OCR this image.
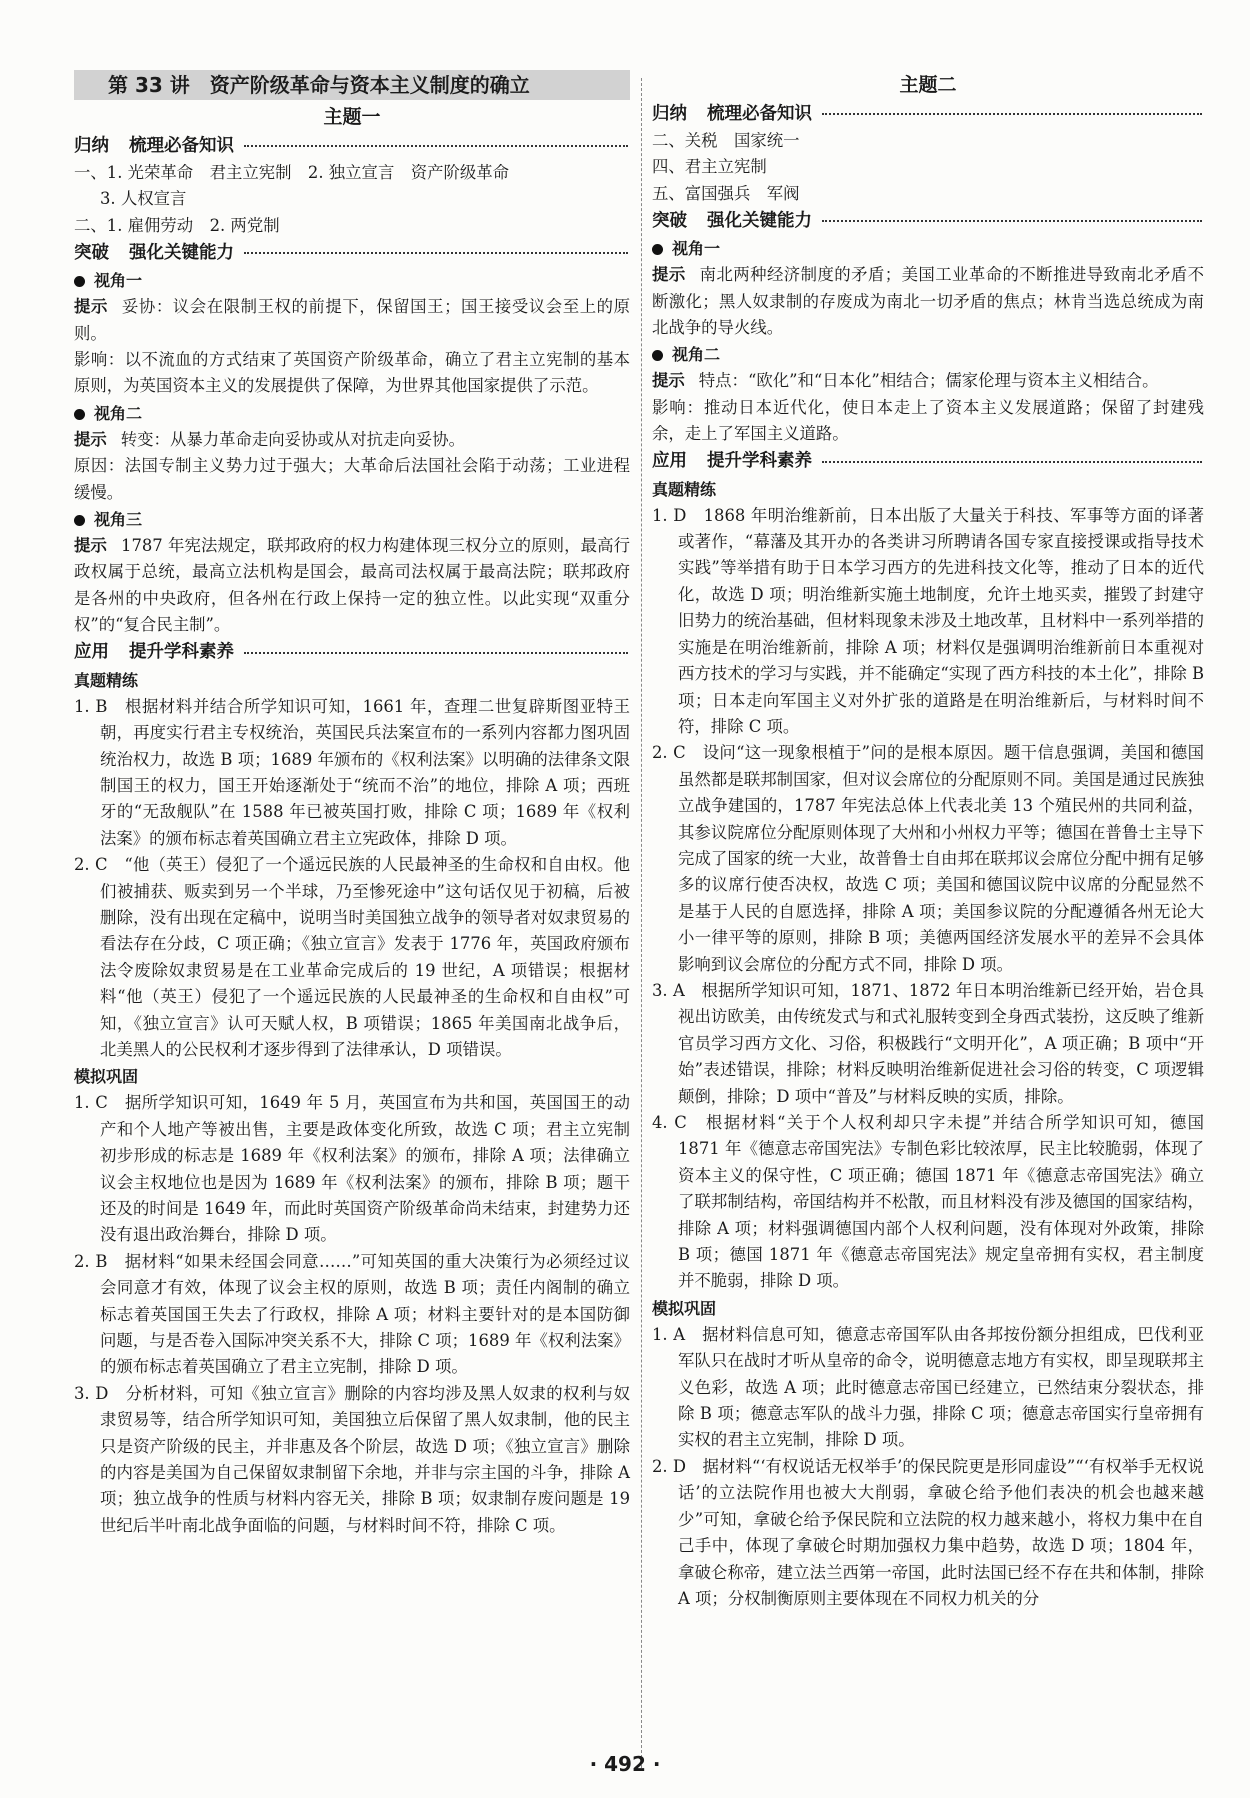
第 33 讲　资产阶级革命与资本主义制度的确立
主题一
归纳 梳理必备知识

一、1. 光荣革命　君主立宪制　2. 独立宣言　资产阶级革命

3. 人权宣言

二、1. 雇佣劳动　2. 两党制

突破 强化关键能力
视角一

提示 妥协：议会在限制王权的前提下，保留国王；国王接受议会至上的原则。

影响：以不流血的方式结束了英国资产阶级革命，确立了君主立宪制的基本原则，为英国资本主义的发展提供了保障，为世界其他国家提供了示范。

视角二

提示 转变：从暴力革命走向妥协或从对抗走向妥协。

原因：法国专制主义势力过于强大；大革命后法国社会陷于动荡；工业进程缓慢。

视角三

提示 1787 年宪法规定，联邦政府的权力构建体现三权分立的原则，最高行政权属于总统，最高立法机构是国会，最高司法权属于最高法院；联邦政府是各州的中央政府，但各州在行政上保持一定的独立性。以此实现“双重分权”的“复合民主制”。

应用 提升学科素养
真题精练

1. B　根据材料并结合所学知识可知，1661 年，查理二世复辟斯图亚特王朝，再度实行君主专权统治，英国民兵法案宣布的一系列内容都力图巩固统治权力，故选 B 项；1689 年颁布的《权利法案》以明确的法律条文限制国王的权力，国王开始逐渐处于“统而不治”的地位，排除 A 项；西班牙的“无敌舰队”在 1588 年已被英国打败，排除 C 项；1689 年《权利法案》的颁布标志着英国确立君主立宪政体，排除 D 项。

2. C　“他（英王）侵犯了一个遥远民族的人民最神圣的生命权和自由权。他们被捕获、贩卖到另一个半球，乃至惨死途中”这句话仅见于初稿，后被删除，没有出现在定稿中，说明当时美国独立战争的领导者对奴隶贸易的看法存在分歧，C 项正确；《独立宣言》发表于 1776 年，英国政府颁布法令废除奴隶贸易是在工业革命完成后的 19 世纪，A 项错误；根据材料“他（英王）侵犯了一个遥远民族的人民最神圣的生命权和自由权”可知，《独立宣言》认可天赋人权，B 项错误；1865 年美国南北战争后，北美黑人的公民权利才逐步得到了法律承认，D 项错误。

模拟巩固

1. C　据所学知识可知，1649 年 5 月，英国宣布为共和国，英国国王的动产和个人地产等被出售，主要是政体变化所致，故选 C 项；君主立宪制初步形成的标志是 1689 年《权利法案》的颁布，排除 A 项；法律确立议会主权地位也是因为 1689 年《权利法案》的颁布，排除 B 项；题干还及的时间是 1649 年，而此时英国资产阶级革命尚未结束，封建势力还没有退出政治舞台，排除 D 项。

2. B　据材料“如果未经国会同意……”可知英国的重大决策行为必须经过议会同意才有效，体现了议会主权的原则，故选 B 项；责任内阁制的确立标志着英国国王失去了行政权，排除 A 项；材料主要针对的是本国防御问题，与是否卷入国际冲突关系不大，排除 C 项；1689 年《权利法案》的颁布标志着英国确立了君主立宪制，排除 D 项。

3. D　分析材料，可知《独立宣言》删除的内容均涉及黑人奴隶的权利与奴隶贸易等，结合所学知识可知，美国独立后保留了黑人奴隶制，他的民主只是资产阶级的民主，并非惠及各个阶层，故选 D 项；《独立宣言》删除的内容是美国为自己保留奴隶制留下余地，并非与宗主国的斗争，排除 A 项；独立战争的性质与材料内容无关，排除 B 项；奴隶制存废问题是 19 世纪后半叶南北战争面临的问题，与材料时间不符，排除 C 项。

主题二
归纳 梳理必备知识

二、关税　国家统一

四、君主立宪制

五、富国强兵　军阀

突破 强化关键能力
视角一

提示 南北两种经济制度的矛盾；美国工业革命的不断推进导致南北矛盾不断激化；黑人奴隶制的存废成为南北一切矛盾的焦点；林肯当选总统成为南北战争的导火线。

视角二

提示 特点：“欧化”和“日本化”相结合；儒家伦理与资本主义相结合。

影响：推动日本近代化，使日本走上了资本主义发展道路；保留了封建残余，走上了军国主义道路。

应用 提升学科素养
真题精练

1. D　1868 年明治维新前，日本出版了大量关于科技、军事等方面的译著或著作，“幕藩及其开办的各类讲习所聘请各国专家直接授课或指导技术实践”等举措有助于日本学习西方的先进科技文化等，推动了日本的近代化，故选 D 项；明治维新实施土地制度，允许土地买卖，摧毁了封建守旧势力的统治基础，但材料现象未涉及土地改革，且材料中一系列举措的实施是在明治维新前，排除 A 项；材料仅是强调明治维新前日本重视对西方技术的学习与实践，并不能确定“实现了西方科技的本土化”，排除 B 项；日本走向军国主义对外扩张的道路是在明治维新后，与材料时间不符，排除 C 项。

2. C　设问“这一现象根植于”问的是根本原因。题干信息强调，美国和德国虽然都是联邦制国家，但对议会席位的分配原则不同。美国是通过民族独立战争建国的，1787 年宪法总体上代表北美 13 个殖民州的共同利益，其参议院席位分配原则体现了大州和小州权力平等；德国在普鲁士主导下完成了国家的统一大业，故普鲁士自由邦在联邦议会席位分配中拥有足够多的议席行使否决权，故选 C 项；美国和德国议院中议席的分配显然不是基于人民的自愿选择，排除 A 项；美国参议院的分配遵循各州无论大小一律平等的原则，排除 B 项；美德两国经济发展水平的差异不会具体影响到议会席位的分配方式不同，排除 D 项。

3. A　根据所学知识可知，1871、1872 年日本明治维新已经开始，岩仓具视出访欧美，由传统发式与和式礼服转变到全身西式装扮，这反映了维新官员学习西方文化、习俗，积极践行“文明开化”，A 项正确；B 项中“开始”表述错误，排除；材料反映明治维新促进社会习俗的转变，C 项逻辑颠倒，排除；D 项中“普及”与材料反映的实质，排除。

4. C　根据材料“关于个人权利却只字未提”并结合所学知识可知，德国 1871 年《德意志帝国宪法》专制色彩比较浓厚，民主比较脆弱，体现了资本主义的保守性，C 项正确；德国 1871 年《德意志帝国宪法》确立了联邦制结构，帝国结构并不松散，而且材料没有涉及德国的国家结构，排除 A 项；材料强调德国内部个人权利问题，没有体现对外政策，排除 B 项；德国 1871 年《德意志帝国宪法》规定皇帝拥有实权，君主制度并不脆弱，排除 D 项。

模拟巩固

1. A　据材料信息可知，德意志帝国军队由各邦按份额分担组成，巴伐利亚军队只在战时才听从皇帝的命令，说明德意志地方有实权，即呈现联邦主义色彩，故选 A 项；此时德意志帝国已经建立，已然结束分裂状态，排除 B 项；德意志军队的战斗力强，排除 C 项；德意志帝国实行皇帝拥有实权的君主立宪制，排除 D 项。

2. D　据材料“‘有权说话无权举手’的保民院更是形同虚设”“‘有权举手无权说话’的立法院作用也被大大削弱，拿破仑给予他们表决的机会也越来越少”可知，拿破仑给予保民院和立法院的权力越来越小，将权力集中在自己手中，体现了拿破仑时期加强权力集中趋势，故选 D 项；1804 年，拿破仑称帝，建立法兰西第一帝国，此时法国已经不存在共和体制，排除 A 项；分权制衡原则主要体现在不同权力机关的分

· 492 ·
